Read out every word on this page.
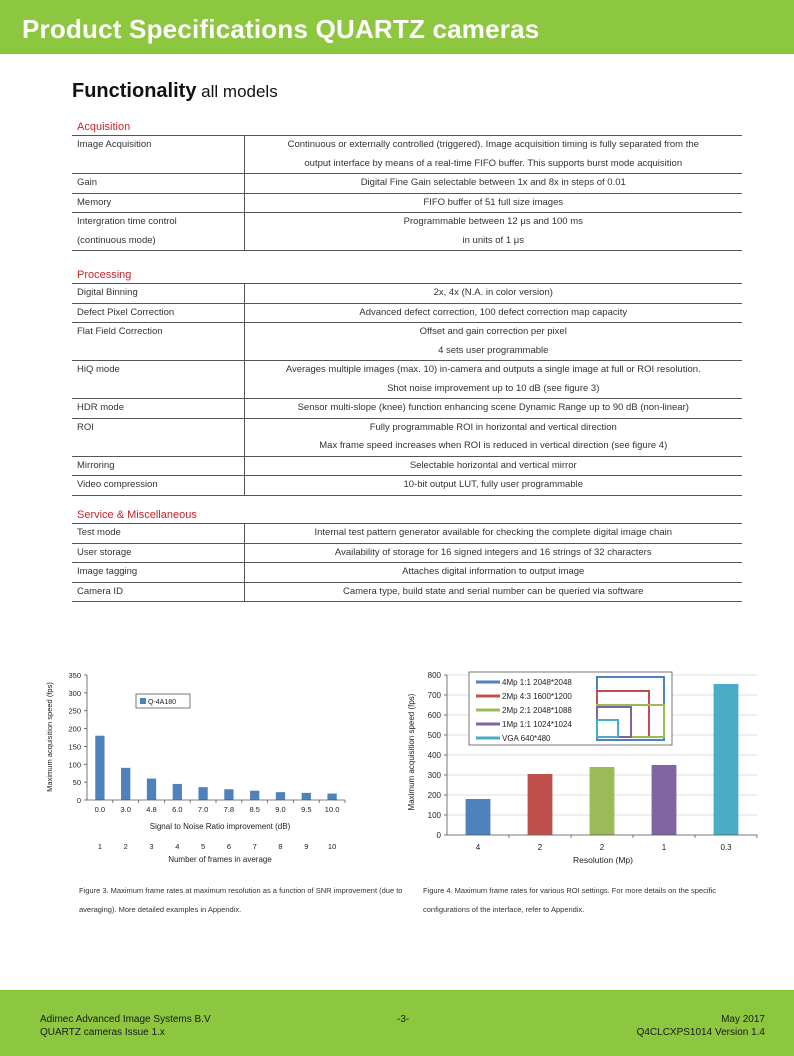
Product Specifications QUARTZ cameras
Functionality all models
Acquisition
Image Acquisition	Continuous or externally controlled (triggered). Image acquisition timing is fully separated from the
output interface by means of a real-time FIFO buffer. This supports burst mode acquisition

Gain	Digital Fine Gain selectable between 1x and 8x in steps of 0.01

Memory	FIFO buffer of 51 full size images

Intergration time control
(continuous mode)	Programmable between 12 μs and 100 ms
in units of 1 μs
Processing
Digital Binning	2x, 4x (N.A. in color version)

Defect Pixel Correction	Advanced defect correction, 100 defect correction map capacity

Flat Field Correction	Offset and gain correction per pixel
4 sets user programmable

HiQ mode	Averages multiple images (max. 10) in-camera and outputs a single image at full or ROI resolution.
Shot noise improvement up to 10 dB (see figure 3)

HDR mode	Sensor multi-slope (knee) function enhancing scene Dynamic Range up to 90 dB (non-linear)

ROI	Fully programmable ROI in horizontal and vertical direction
Max frame speed increases when ROI is reduced in vertical direction (see figure 4)

Mirroring	Selectable horizontal and vertical mirror

Video compression	10-bit output LUT, fully user programmable
Service & Miscellaneous
Test mode	Internal test pattern generator available for checking the complete digital image chain

User storage	Availability of storage for 16 signed integers and 16 strings of 32 characters

Image tagging	Attaches digital information to output image

Camera ID	Camera type, build state and serial number can be queried via software
0
50
100
150
200
250
300
350
0.0
1
3.0
2
4.8
3
6.0
4
7.0
5
7.8
6
8.5
7
9.0
8
9.5
9
10.0
10
Maximum acquisition speed (fps)
Signal to Noise Ratio improvement (dB)
Number of frames in average
Q-4A180
0
100
200
300
400
500
600
700
800
4	2	2	1	0.3
Maximum acquisition speed (fps)
Resolution (Mp)
4Mp 1:1 2048*2048
2Mp 4:3 1600*1200
2Mp 2:1 2048*1088
1Mp 1:1 1024*1024
VGA 640*480
Figure 3. Maximum frame rates at maximum resolution as a function of SNR improvement (due to averaging). More detailed examples in Appendix.
Figure 4. Maximum frame rates for various ROI settings. For more details on the specific configurations of the interface, refer to Appendix.
Adimec Advanced Image Systems B.V
QUARTZ cameras Issue 1.x
-3-	May 2017
Q4CLCXPS1014 Version 1.4
